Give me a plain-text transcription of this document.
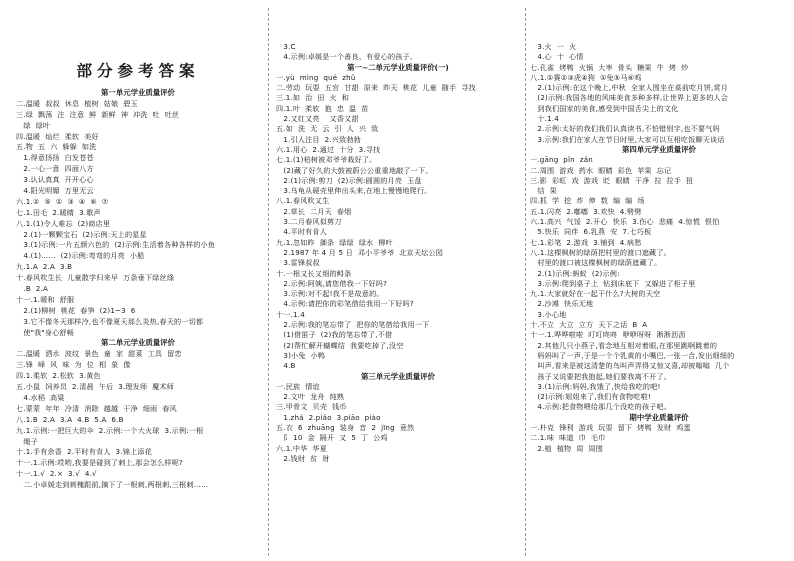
部分参考答案
第一单元学业质量评价
二.温暖  叔叔  休息  植树  姑娘  碧玉
三.绿  飘荡  注  注意  鲜  新鲜  神  冲洗  吐  吐丝
绿  绿叶
四.温暖  灿烂  柔软  美好
五.物  五  六  躲躲  如洗
1.得意扬扬  白发苍苍
2.一心一意  四面八方
3.认认真真  开开心心
4.阳光明媚  万里无云
六.1.②  ⑤  ①  ③  ④  ⑥  ⑦
七.1.田毛  2.暖睛  3.歌声
八.1.(1)令人难忘  (2)商店里
2.(1)一颗颗宝石  (2)示例:天上的星星
3.(1)示例:一片五颜六色的  (2)示例:生活着各种各样的小鱼
4.(1)……  (2)示例:弯弯的月亮  小船
九.1.A  2.A  3.B
十.春风吹生长  儿童散学归来早  万条垂下绿丝绦
.B  2.A
十一.1.暖和  舒服
2.(1)柳树  桃花  春笋  (2)1~3  6
3.它不像冬天那样冷,也不像夏天那么炎热,春天的一切都
使"我"身心舒畅
第二单元学业质量评价
二.温暖  洒水  波纹  景色  童  家  甜菜  工具  留恋
三.锋  峰  风  味  为  位  相  象  像
四.1.柔软  2.松软  3.黄色
五.小鼠  饲养员  2.清晨  午后  3.理发师  魔术师
4.水稻  高粱
七.蒙蒙  年年  冷清  消除  越越  干净  细雨  春风
八.1.B  2.A  3.A  4.B  5.A  6.B
九.1.示例:一把巨大的伞  2.示例:一个大火球  3.示例:一根
绳子
十.1.手有余香  2.平时有肯人  3.锦上添花
十一.1.示例:哎哟,我要是碰到了刺上,那会怎么样呢?
十一.1.√  2.×  3.√  4.√
二.小卓媛走到刺槐跟前,摘下了一根刺,两根刺,三根刺……
3.C
4.示例:卓媛是一个善良、有爱心的孩子。
第一~二单元学业质量评价(一)
一.yù  mìng  qué  zhǔ
二.劳动  玩耍  五官  甘甜  原来  昨天  桃花  儿童  随手  寻找
三.1.如  治  田  火  和
四.1.叶  柔软  抱  忠  温  苗
2.又红又亮    又香又甜
五.如  洗  无  云  引  人  兴  致
1.引人注目  2.兴致勃勃
六.1.用心  2.通过  十分  3.寻找
七.1.(1)柏树被邓爷爷栽好了。
(2)藏了好久的大鼓被蔚公公重重地敲了一下。
2.(1)示例:剪刀  (2)示例:圆圆的月亮  玉盘
3.乌龟从硬壳里伸出头来,在地上慢慢地爬行。
八.1.春风吹又生
2.草长  二月天  春烟
3.二月春风似剪刀
4.平时有肯人
九.1.忽如昨  御条  绿绿  绿水  柳叶
2.1987 年 4 月 5 日  邓小平爷爷  北京天坛公园
3.雷锋叔叔
十.一根又长又细的鲟条
2.示例:阿姨,请您借我一下好吗?
3.示例:对不起!我不是故意的。
4.示例:请把你的彩笔借给我用一下好吗?
十一.1.4
2.示例:我的笔忘带了  把你的笔借给我用一下
(1)借笛子  (2)我的笔忘带了,不借
(2)帮忙解开蝴蝶结  我要吃掉了,没空
3)小兔  小鸭
4.B
第三单元学业质量评价
一.民族  情谊
2.文叶  龙舟  纯熟
三.甲骨文  贝壳  钱币
1.zhá  2.piǎo  3.piāo  piào
五.衣  6  zhuāng  装身  音  2  jīng  竟然
阝 10  金  隔开  又  5  丁  公鸡
六.1.中华  华夏
2.钱财  贫  财
3.火  一  火
4.心  十  心情
七.孔雀  烤鸭  火锅  大枣  骨头  糖果  牛  烤  炒
八.1.①赛②③虎④狗  ①兔⑤马⑥鸡
2.(1)示例:在这个晚上,中秋  全家人围坐在桌前吃月饼,赏月
(2)示例:我国各地的风味美食多种多样,让世界上更多的人会
到我们国家的美食,感受到中国舌尖上的文化
十.1.4
2.示例:太好的我们我们认真读书,不怕错别字,也不要气妈
3.示例:我们在家人在节日时里,大家可以互相吃饭聊天谈话
第四单元学业质量评价
一.gāng  pǐn  zǎn
二.周围  游戏  药水  眼睛  彩色  苹果  忘记
三.影  彩虹  戏  游戏  眨  眼睛  干净  拉  拉手  扭
结  果
四.抓  学  挖  炸  伸  数  编  编  场
五.1.闪亮  2.嘟嘟  3.欢快  4.劈劈
六.1.高兴  气馁  2.开心  快乐  3.伤心  悲痛  4.惊慌  恨怕
5.快乐  同伴  6.乳燕  安  7.七巧板
七.1.彩笔  2.游戏  3.铺到  4.病愁
八.1.这棵枫树的绿荫把村里的渡口遮藏了。
村里的渡口被这棵枫树的绿荫遮藏了。
2.(1)示例:蚂蚁  (2)示例:
3.示例:爬到桌子上  钻到床底下  又躲进了柜子里
九.1.大家就好在一起干什么?大树的天空
2.沙滩  快乐无地
3.小心地
十.不立  大立  立方  天下之话  B  A
十一.1.哗哗啦啦  叮叮咚咚  咿咿呀呀  淅淅沥沥
2.其他几只小燕子,看念地互相对着眼,在那里跳啊跳着的
妈妈叫了一声,于是一个个乳黄的小嘴巴,一张一合,发出细细的
叫声,看来是被这清楚的鸟叫声弄得又惊又喜,却被嗡嗡  几个
孩子又说要把我抱起,她们要我离不开了。
3.(1)示例:妈妈,我饿了,快给我吃的吧!
(2)示例:姐姐来了,我们有食物吃啦!
4.示例:把食物喂给那几个没吃的孩子吧。
期中学业质量评价
一.朴克  锋利  游戏  玩耍  留下  烤鸭  发财  鸡蛋
二.1.味  味道  巾  毛巾
2.植  植物  周  周围
